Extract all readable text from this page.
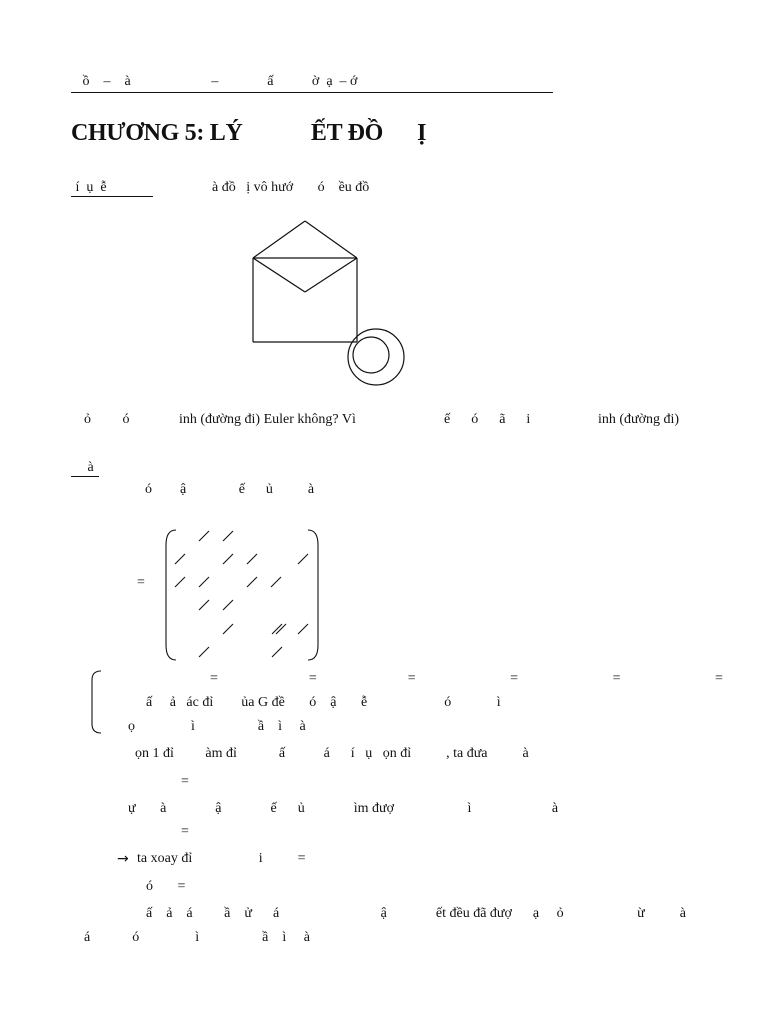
ồ    –    à                       –              ấ           ờ  ạ  – ớ
CHƯƠNG 5: LÝ            ẾT ĐỒ      Ị
í  ụ  ễ	à đồ   ị vô hướ       ó    ều đồ
ỏ         ó	inh (đường đi) Euler không? Vì	ế      ó      ã      i	inh (đường đi)
à
ó        ậ               ế      ủ          à
=
=                          =                          =                           =                           =                           =
ấ     ả   ác đỉ        ủa G đề       ó    ậ       ễ                      ó             ì
ọ                ì                  ầ    ì     à
ọn 1 đỉ         àm đỉ            ấ           á      í   ụ   ọn đỉ          , ta đưa          à
=
ự       à              ậ              ế      ủ              ìm đượ                     ì                       à
=
→ ta xoay đỉ                   i          =
ó       =
ấ    ả    á         ầ    ử      á                             ậ              ết đều đã đượ      ạ     ỏ                     ừ          à
á            ó                ì                  ầ    ì     à
